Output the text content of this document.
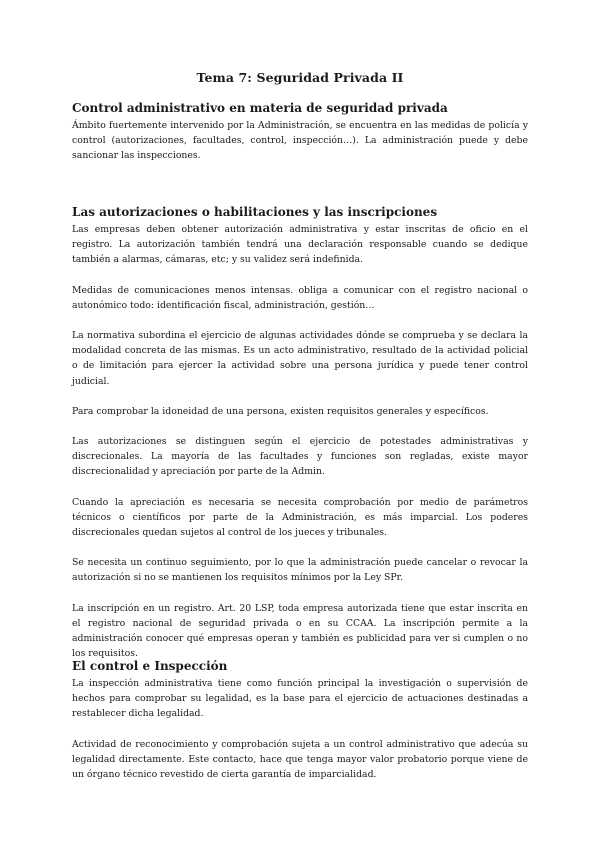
Tema 7: Seguridad Privada II
Control administrativo en materia de seguridad privada

Ámbito fuertemente intervenido por la Administración, se encuentra en las medidas de policía y control (autorizaciones, facultades, control, inspección…). La administración puede y debe sancionar las inspecciones.

Las autorizaciones o habilitaciones y las inscripciones

Las empresas deben obtener autorización administrativa y estar inscritas de oficio en el registro. La autorización también tendrá una declaración responsable cuando se dedique también a alarmas, cámaras, etc; y su validez será indefinida.

Medidas de comunicaciones menos intensas. obliga a comunicar con el registro nacional o autonómico todo: identificación fiscal, administración, gestión…

La normativa subordina el ejercicio de algunas actividades dónde se comprueba y se declara la modalidad concreta de las mismas. Es un acto administrativo, resultado de la actividad policial o de limitación para ejercer la actividad sobre una persona jurídica y puede tener control judicial.

Para comprobar la idoneidad de una persona, existen requisitos generales y específicos.

Las autorizaciones se distinguen según el ejercicio de potestades administrativas y discrecionales. La mayoría de las facultades y funciones son regladas, existe mayor discrecionalidad y apreciación por parte de la Admin.

Cuando la apreciación es necesaria se necesita comprobación por medio de parámetros técnicos o científicos por parte de la Administración, es más imparcial. Los poderes discrecionales quedan sujetos al control de los jueces y tribunales.

Se necesita un continuo seguimiento, por lo que la administración puede cancelar o revocar la autorización si no se mantienen los requisitos mínimos por la Ley SPr.

La inscripción en un registro. Art. 20 LSP, toda empresa autorizada tiene que estar inscrita en el registro nacional de seguridad privada o en su CCAA. La inscripción permite a la administración conocer qué empresas operan y también es publicidad para ver si cumplen o no los requisitos.

El control e Inspección

La inspección administrativa tiene como función principal la investigación o supervisión de hechos para comprobar su legalidad, es la base para el ejercicio de actuaciones destinadas a restablecer dicha legalidad.

Actividad de reconocimiento y comprobación sujeta a un control administrativo que adecúa su legalidad directamente. Este contacto, hace que tenga mayor valor probatorio porque viene de un órgano técnico revestido de cierta garantía de imparcialidad.
